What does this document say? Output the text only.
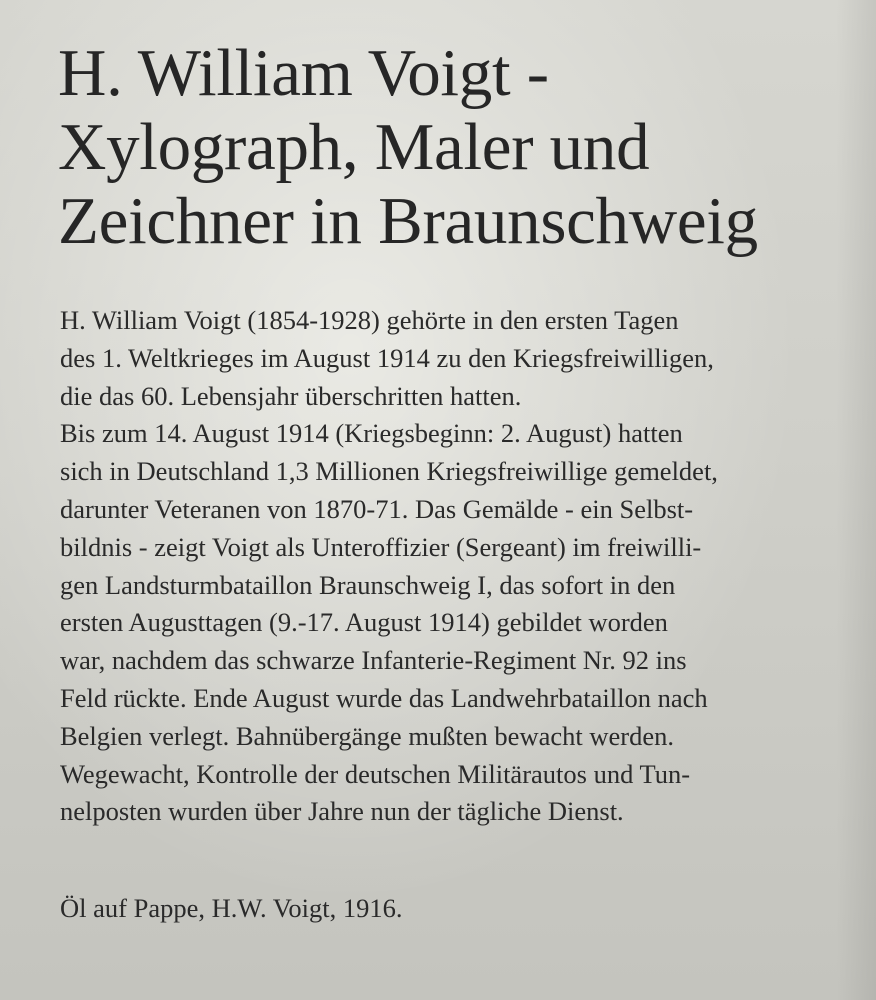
H. William Voigt -
Xylograph, Maler und
Zeichner in Braunschweig
H. William Voigt (1854-1928) gehörte in den ersten Tagen
des 1. Weltkrieges im August 1914 zu den Kriegsfreiwilligen,
die das 60. Lebensjahr überschritten hatten.
Bis zum 14. August 1914 (Kriegsbeginn: 2. August) hatten
sich in Deutschland 1,3 Millionen Kriegsfreiwillige gemeldet,
darunter Veteranen von 1870-71. Das Gemälde - ein Selbst-
bildnis - zeigt Voigt als Unteroffizier (Sergeant) im freiwilli-
gen Landsturmbataillon Braunschweig I, das sofort in den
ersten Augusttagen (9.-17. August 1914) gebildet worden
war, nachdem das schwarze Infanterie-Regiment Nr. 92 ins
Feld rückte. Ende August wurde das Landwehrbataillon nach
Belgien verlegt. Bahnübergänge mußten bewacht werden.
Wegewacht, Kontrolle der deutschen Militärautos und Tun-
nelposten wurden über Jahre nun der tägliche Dienst.
Öl auf Pappe, H.W. Voigt, 1916.
